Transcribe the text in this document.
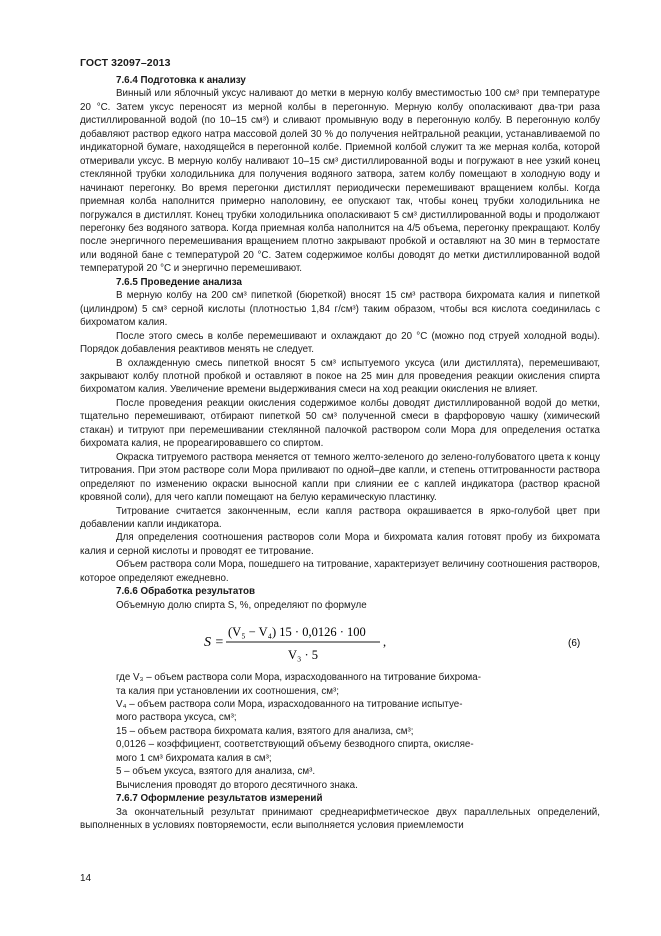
ГОСТ 32097–2013
7.6.4 Подготовка к анализу

Винный или яблочный уксус наливают до метки в мерную колбу вместимостью 100 см³ при температуре 20 °С. Затем уксус переносят из мерной колбы в перегонную. Мерную колбу ополаскивают два-три раза дистиллированной водой (по 10–15 см³) и сливают промывную воду в перегонную колбу. В перегонную колбу добавляют раствор едкого натра массовой долей 30 % до получения нейтральной реакции, устанавливаемой по индикаторной бумаге, находящейся в перегонной колбе. Приемной колбой служит та же мерная колба, которой отмеривали уксус. В мерную колбу наливают 10–15 см³ дистиллированной воды и погружают в нее узкий конец стеклянной трубки холодильника для получения водяного затвора, затем колбу помещают в холодную воду и начинают перегонку. Во время перегонки дистиллят периодически перемешивают вращением колбы. Когда приемная колба наполнится примерно наполовину, ее опускают так, чтобы конец трубки холодильника не погружался в дистиллят. Конец трубки холодильника ополаскивают 5 см³ дистиллированной воды и продолжают перегонку без водяного затвора. Когда приемная колба наполнится на 4/5 объема, перегонку прекращают. Колбу после энергичного перемешивания вращением плотно закрывают пробкой и оставляют на 30 мин в термостате или водяной бане с температурой 20 °С. Затем содержимое колбы доводят до метки дистиллированной водой температурой 20 °С и энергично перемешивают.

7.6.5 Проведение анализа

В мерную колбу на 200 см³ пипеткой (бюреткой) вносят 15 см³ раствора бихромата калия и пипеткой (цилиндром) 5 см³ серной кислоты (плотностью 1,84 г/см³) таким образом, чтобы вся кислота соединилась с бихроматом калия.

После этого смесь в колбе перемешивают и охлаждают до 20 °С (можно под струей холодной воды). Порядок добавления реактивов менять не следует.

В охлажденную смесь пипеткой вносят 5 см³ испытуемого уксуса (или дистиллята), перемешивают, закрывают колбу плотной пробкой и оставляют в покое на 25 мин для проведения реакции окисления спирта бихроматом калия. Увеличение времени выдерживания смеси на ход реакции окисления не влияет.

После проведения реакции окисления содержимое колбы доводят дистиллированной водой до метки, тщательно перемешивают, отбирают пипеткой 50 см³ полученной смеси в фарфоровую чашку (химический стакан) и титруют при перемешивании стеклянной палочкой раствором соли Мора для определения остатка бихромата калия, не прореагировавшего со спиртом.

Окраска титруемого раствора меняется от темного желто-зеленого до зелено-голубоватого цвета к концу титрования. При этом растворе соли Мора приливают по одной–две капли, и степень оттитрованности раствора определяют по изменению окраски выносной капли при слиянии ее с каплей индикатора (раствор красной кровяной соли), для чего капли помещают на белую керамическую пластинку.

Титрование считается законченным, если капля раствора окрашивается в ярко-голубой цвет при добавлении капли индикатора.

Для определения соотношения растворов соли Мора и бихромата калия готовят пробу из бихромата калия и серной кислоты и проводят ее титрование.

Объем раствора соли Мора, пошедшего на титрование, характеризует величину соотношения растворов, которое определяют ежедневно.

7.6.6 Обработка результатов

Объемную долю спирта S, %, определяют по формуле

S =
(V₅ − V₄) 15 · 0,0126 · 100
V₃ · 5
,	(6)
где V₃ – объем раствора соли Мора, израсходованного на титрование бихрома-
та калия при установлении их соотношения, см³;
V₄ – объем раствора соли Мора, израсходованного на титрование испытуе-
мого раствора уксуса, см³;
15 – объем раствора бихромата калия, взятого для анализа, см³;
0,0126 – коэффициент, соответствующий объему безводного спирта, окисляе-
мого 1 см³ бихромата калия в см³;
5 – объем уксуса, взятого для анализа, см³.
Вычисления проводят до второго десятичного знака.
7.6.7 Оформление результатов измерений

За окончательный результат принимают среднеарифметическое двух параллельных определений, выполненных в условиях повторяемости, если выполняется условия приемлемости

14
